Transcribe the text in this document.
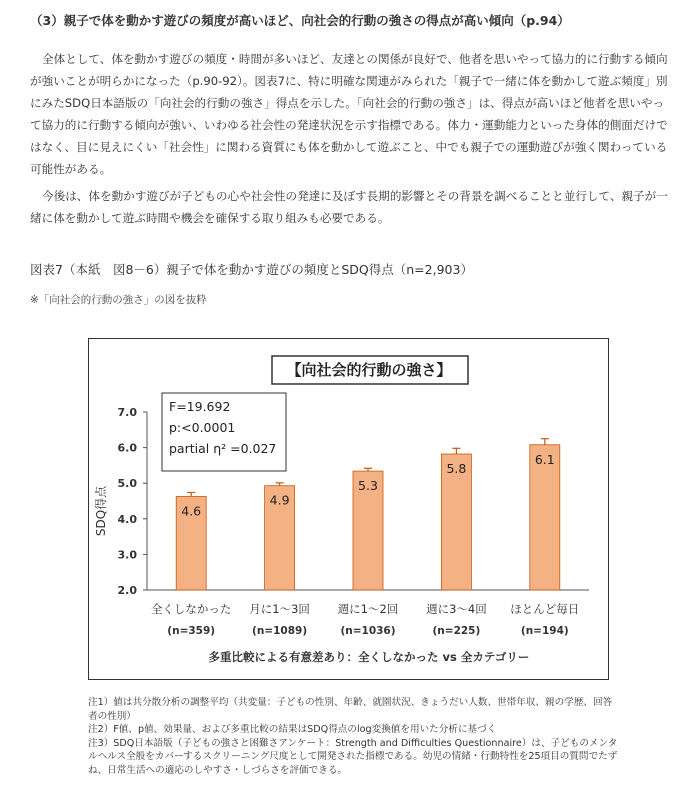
（3）親子で体を動かす遊びの頻度が高いほど、向社会的行動の強さの得点が高い傾向（p.94）

全体として、体を動かす遊びの頻度・時間が多いほど、友達との関係が良好で、他者を思いやって協力的に行動する傾向が強いことが明らかになった（p.90-92）。図表7に、特に明確な関連がみられた「親子で一緒に体を動かして遊ぶ頻度」別にみたSDQ日本語版の「向社会的行動の強さ」得点を示した。「向社会的行動の強さ」は、得点が高いほど他者を思いやって協力的に行動する傾向が強い、いわゆる社会性の発達状況を示す指標である。体力・運動能力といった身体的側面だけではなく、目に見えにくい「社会性」に関わる資質にも体を動かして遊ぶこと、中でも親子での運動遊びが強く関わっている可能性がある。

今後は、体を動かす遊びが子どもの心や社会性の発達に及ぼす長期的影響とその背景を調べることと並行して、親子が一緒に体を動かして遊ぶ時間や機会を確保する取り組みも必要である。

図表7（本紙　図8－6）親子で体を動かす遊びの頻度とSDQ得点（n=2,903）
※「向社会的行動の強さ」の図を抜粋
【向社会的行動の強さ】
SDQ得点
2.0
3.0
4.0
5.0
6.0
7.0
4.6
4.9
5.3
5.8
6.1
全くしなかった
(n=359)
月に1～3回
(n=1089)
週に1～2回
(n=1036)
週に3～4回
(n=225)
ほとんど毎日
(n=194)
F=19.692
p:<0.0001
partial η² =0.027
多重比較による有意差あり：全くしなかった vs 全カテゴリー
注1）値は共分散分析の調整平均（共変量：子どもの性別、年齢、就園状況、きょうだい人数、世帯年収、親の学歴、回答者の性別）
注2）F値、p値、効果量、および多重比較の結果はSDQ得点のlog変換値を用いた分析に基づく
注3）SDQ日本語版（子どもの強さと困難さアンケート：Strength and Difficulties Questionnaire）は、子どものメンタルヘルス全般をカバーするスクリーニング尺度として開発された指標である。幼児の情緒・行動特性を25項目の質問でたずね、日常生活への適応のしやすさ・しづらさを評価できる。
